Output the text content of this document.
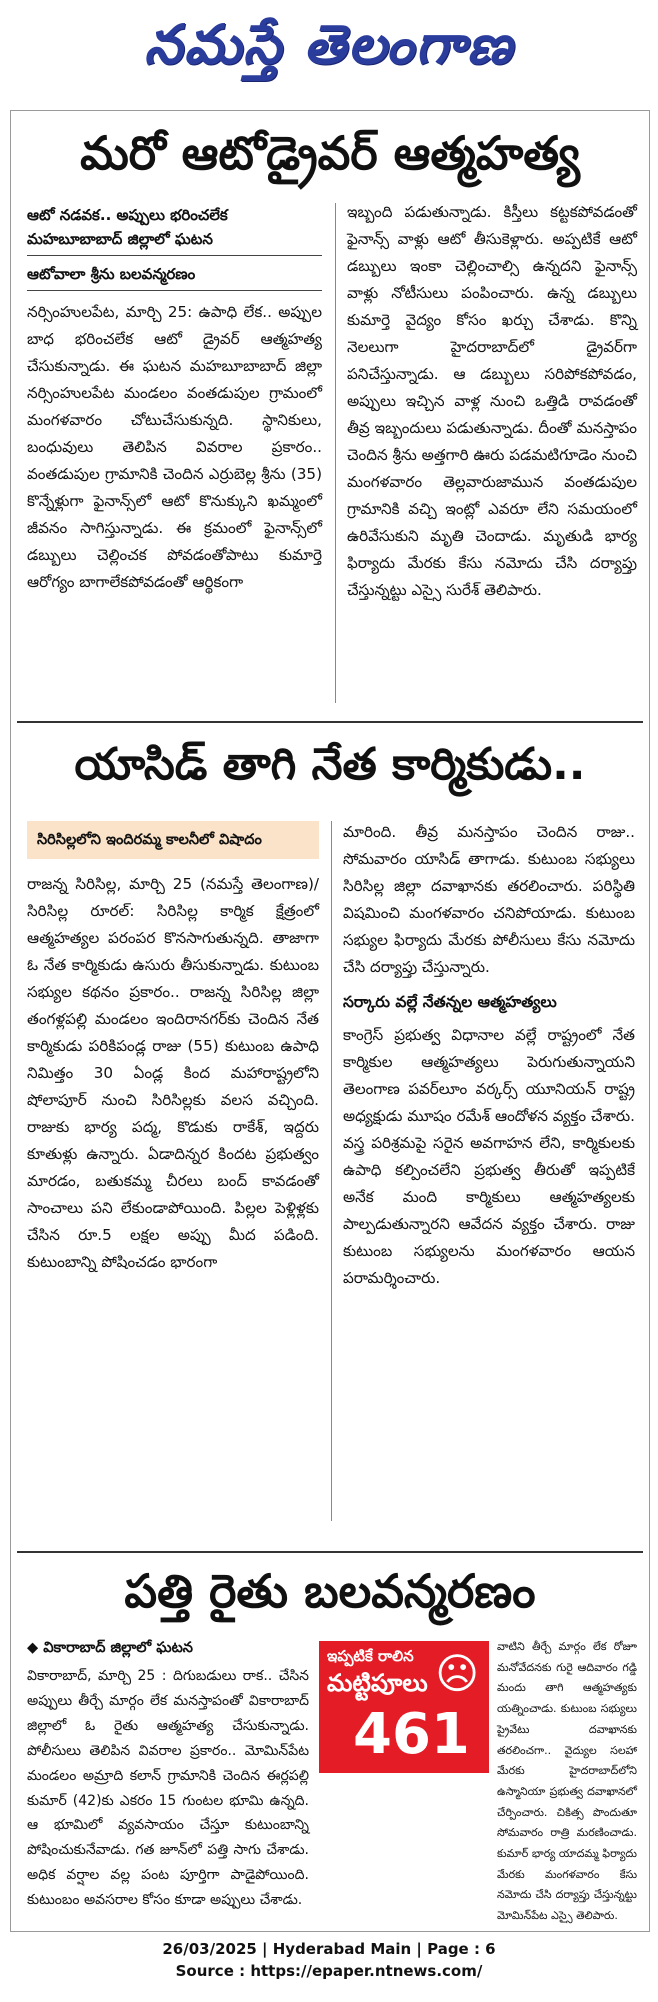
నమస్తే తెలంగాణ
మరో ఆటోడ్రైవర్ ఆత్మహత్య
ఆటో నడవక.. అప్పులు భరించలేక
మహబూబాబాద్ జిల్లాలో ఘటన
ఆటోవాలా శ్రీను బలవన్మరణం

నర్సింహులపేట, మార్చి 25: ఉపాధి లేక.. అప్పుల బాధ భరించలేక ఆటో డ్రైవర్ ఆత్మహత్య చేసుకున్నాడు. ఈ ఘటన మహబూబాబాద్ జిల్లా నర్సింహులపేట మండలం వంతడుపుల గ్రామంలో మంగళవారం చోటుచేసుకున్నది. స్థానికులు, బంధువులు తెలిపిన వివరాల ప్రకారం.. వంతడుపుల గ్రామానికి చెందిన ఎర్రుబెల్ల శ్రీను (35) కొన్నేళ్లుగా ఫైనాన్స్‌లో ఆటో కొనుక్కుని ఖమ్మంలో జీవనం సాగిస్తున్నాడు. ఈ క్రమంలో ఫైనాన్స్‌లో డబ్బులు చెల్లించక పోవడంతోపాటు కుమార్తె ఆరోగ్యం బాగాలేకపోవడంతో ఆర్థికంగా

ఇబ్బంది పడుతున్నాడు. కిస్తీలు కట్టకపోవడంతో ఫైనాన్స్ వాళ్లు ఆటో తీసుకెళ్లారు. అప్పటికే ఆటో డబ్బులు ఇంకా చెల్లించాల్సి ఉన్నదని ఫైనాన్స్ వాళ్లు నోటీసులు పంపించారు. ఉన్న డబ్బులు కుమార్తె వైద్యం కోసం ఖర్చు చేశాడు. కొన్ని నెలలుగా హైదరాబాద్‌లో డ్రైవర్‌గా పనిచేస్తున్నాడు. ఆ డబ్బులు సరిపోకపోవడం, అప్పులు ఇచ్చిన వాళ్ల నుంచి ఒత్తిడి రావడంతో తీవ్ర ఇబ్బందులు పడుతున్నాడు. దీంతో మనస్తాపం చెందిన శ్రీను అత్తగారి ఊరు పడమటిగూడెం నుంచి మంగళవారం తెల్లవారుజామున వంతడుపుల గ్రామానికి వచ్చి ఇంట్లో ఎవరూ లేని సమయంలో ఉరివేసుకుని మృతి చెందాడు. మృతుడి భార్య ఫిర్యాదు మేరకు కేసు నమోదు చేసి దర్యాప్తు చేస్తున్నట్టు ఎస్సై సురేశ్ తెలిపారు.

యాసిడ్ తాగి నేత కార్మికుడు..
సిరిసిల్లలోని ఇందిరమ్మ కాలనీలో విషాదం

రాజన్న సిరిసిల్ల, మార్చి 25 (నమస్తే తెలంగాణ)/ సిరిసిల్ల రూరల్: సిరిసిల్ల కార్మిక క్షేత్రంలో ఆత్మహత్యల పరంపర కొనసాగుతున్నది. తాజాగా ఓ నేత కార్మికుడు ఉసురు తీసుకున్నాడు. కుటుంబ సభ్యుల కథనం ప్రకారం.. రాజన్న సిరిసిల్ల జిల్లా తంగళ్లపల్లి మండలం ఇందిరానగర్‌కు చెందిన నేత కార్మికుడు పరికిపండ్ల రాజు (55) కుటుంబ ఉపాధి నిమిత్తం 30 ఏండ్ల కింద మహారాష్ట్రలోని షోలాపూర్ నుంచి సిరిసిల్లకు వలస వచ్చింది. రాజుకు భార్య పద్మ, కొడుకు రాకేశ్, ఇద్దరు కూతుళ్లు ఉన్నారు. ఏడాదిన్నర కిందట ప్రభుత్వం మారడం, బతుకమ్మ చీరలు బంద్ కావడంతో సాంచాలు పని లేకుండాపోయింది. పిల్లల పెళ్లిళ్లకు చేసిన రూ.5 లక్షల అప్పు మీద పడింది. కుటుంబాన్ని పోషించడం భారంగా

మారింది. తీవ్ర మనస్తాపం చెందిన రాజు.. సోమవారం యాసిడ్ తాగాడు. కుటుంబ సభ్యులు సిరిసిల్ల జిల్లా దవాఖానకు తరలించారు. పరిస్థితి విషమించి మంగళవారం చనిపోయాడు. కుటుంబ సభ్యుల ఫిర్యాదు మేరకు పోలీసులు కేసు నమోదు చేసి దర్యాప్తు చేస్తున్నారు.

సర్కారు వల్లే నేతన్నల ఆత్మహత్యలు

కాంగ్రెస్ ప్రభుత్వ విధానాల వల్లే రాష్ట్రంలో నేత కార్మికుల ఆత్మహత్యలు పెరుగుతున్నాయని తెలంగాణ పవర్‌లూం వర్కర్స్ యూనియన్ రాష్ట్ర అధ్యక్షుడు మూషం రమేశ్ ఆందోళన వ్యక్తం చేశారు. వస్త్ర పరిశ్రమపై సరైన అవగాహన లేని, కార్మికులకు ఉపాధి కల్పించలేని ప్రభుత్వ తీరుతో ఇప్పటికే అనేక మంది కార్మికులు ఆత్మహత్యలకు పాల్పడుతున్నారని ఆవేదన వ్యక్తం చేశారు. రాజు కుటుంబ సభ్యులను మంగళవారం ఆయన పరామర్శించారు.

పత్తి రైతు బలవన్మరణం
◆ వికారాబాద్ జిల్లాలో ఘటన

వికారాబాద్, మార్చి 25 : దిగుబడులు రాక.. చేసిన అప్పులు తీర్చే మార్గం లేక మనస్తాపంతో వికారాబాద్ జిల్లాలో ఓ రైతు ఆత్మహత్య చేసుకున్నాడు. పోలీసులు తెలిపిన వివరాల ప్రకారం.. మోమిన్‌పేట మండలం అమ్రాది కలాన్ గ్రామానికి చెందిన ఈర్లపల్లి కుమార్ (42)కు ఎకరం 15 గుంటల భూమి ఉన్నది. ఆ భూమిలో వ్యవసాయం చేస్తూ కుటుంబాన్ని పోషించుకునేవాడు. గత జూన్‌లో పత్తి సాగు చేశాడు. అధిక వర్షాల వల్ల పంట పూర్తిగా పాడైపోయింది. కుటుంబం అవసరాల కోసం కూడా అప్పులు చేశాడు.

ఇప్పటికే రాలిన
మట్టిపూలు
461
☹

వాటిని తీర్చే మార్గం లేక రోజూ మనోవేదనకు గురై ఆదివారం గడ్డి మందు తాగి ఆత్మహత్యకు యత్నించాడు. కుటుంబ సభ్యులు ప్రైవేటు దవాఖానకు తరలించగా.. వైద్యుల సలహా మేరకు హైదరాబాద్‌లోని ఉస్మానియా ప్రభుత్వ దవాఖానలో చేర్పించారు. చికిత్స పొందుతూ సోమవారం రాత్రి మరణించాడు. కుమార్ భార్య యాదమ్మ ఫిర్యాదు మేరకు మంగళవారం కేసు నమోదు చేసి దర్యాప్తు చేస్తున్నట్టు మోమిన్‌పేట ఎస్సై తెలిపారు.

26/03/2025 | Hyderabad Main | Page : 6
Source : https://epaper.ntnews.com/
